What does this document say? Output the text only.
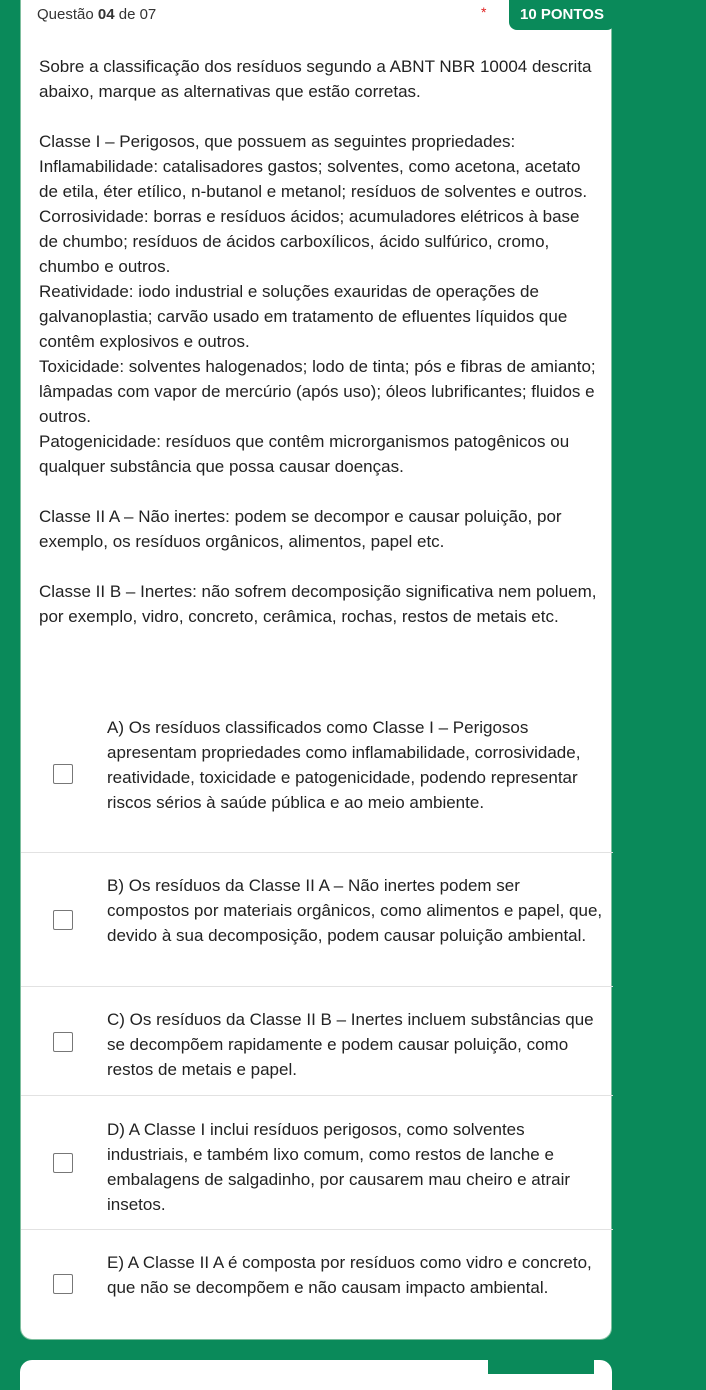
Questão 04 de 07	*	10 PONTOS

Sobre a classificação dos resíduos segundo a ABNT NBR 10004 descrita abaixo, marque as alternativas que estão corretas.

Classe I – Perigosos, que possuem as seguintes propriedades:
Inflamabilidade: catalisadores gastos; solventes, como acetona, acetato de etila, éter etílico, n-butanol e metanol; resíduos de solventes e outros.
Corrosividade: borras e resíduos ácidos; acumuladores elétricos à base de chumbo; resíduos de ácidos carboxílicos, ácido sulfúrico, cromo, chumbo e outros.
Reatividade: iodo industrial e soluções exauridas de operações de galvanoplastia; carvão usado em tratamento de efluentes líquidos que contêm explosivos e outros.
Toxicidade: solventes halogenados; lodo de tinta; pós e fibras de amianto; lâmpadas com vapor de mercúrio (após uso); óleos lubrificantes; fluidos e outros.

Patogenicidade: resíduos que contêm microrganismos patogênicos ou qualquer substância que possa causar doenças.

Classe II A – Não inertes: podem se decompor e causar poluição, por exemplo, os resíduos orgânicos, alimentos, papel etc.

Classe II B – Inertes: não sofrem decomposição significativa nem poluem, por exemplo, vidro, concreto, cerâmica, rochas, restos de metais etc.

A) Os resíduos classificados como Classe I – Perigosos apresentam propriedades como inflamabilidade, corrosividade, reatividade, toxicidade e patogenicidade, podendo representar riscos sérios à saúde pública e ao meio ambiente.
B) Os resíduos da Classe II A – Não inertes podem ser compostos por materiais orgânicos, como alimentos e papel, que, devido à sua decomposição, podem causar poluição ambiental.
C) Os resíduos da Classe II B – Inertes incluem substâncias que se decompõem rapidamente e podem causar poluição, como restos de metais e papel.
D) A Classe I inclui resíduos perigosos, como solventes industriais, e também lixo comum, como restos de lanche e embalagens de salgadinho, por causarem mau cheiro e atrair insetos.
E) A Classe II A é composta por resíduos como vidro e concreto, que não se decompõem e não causam impacto ambiental.
